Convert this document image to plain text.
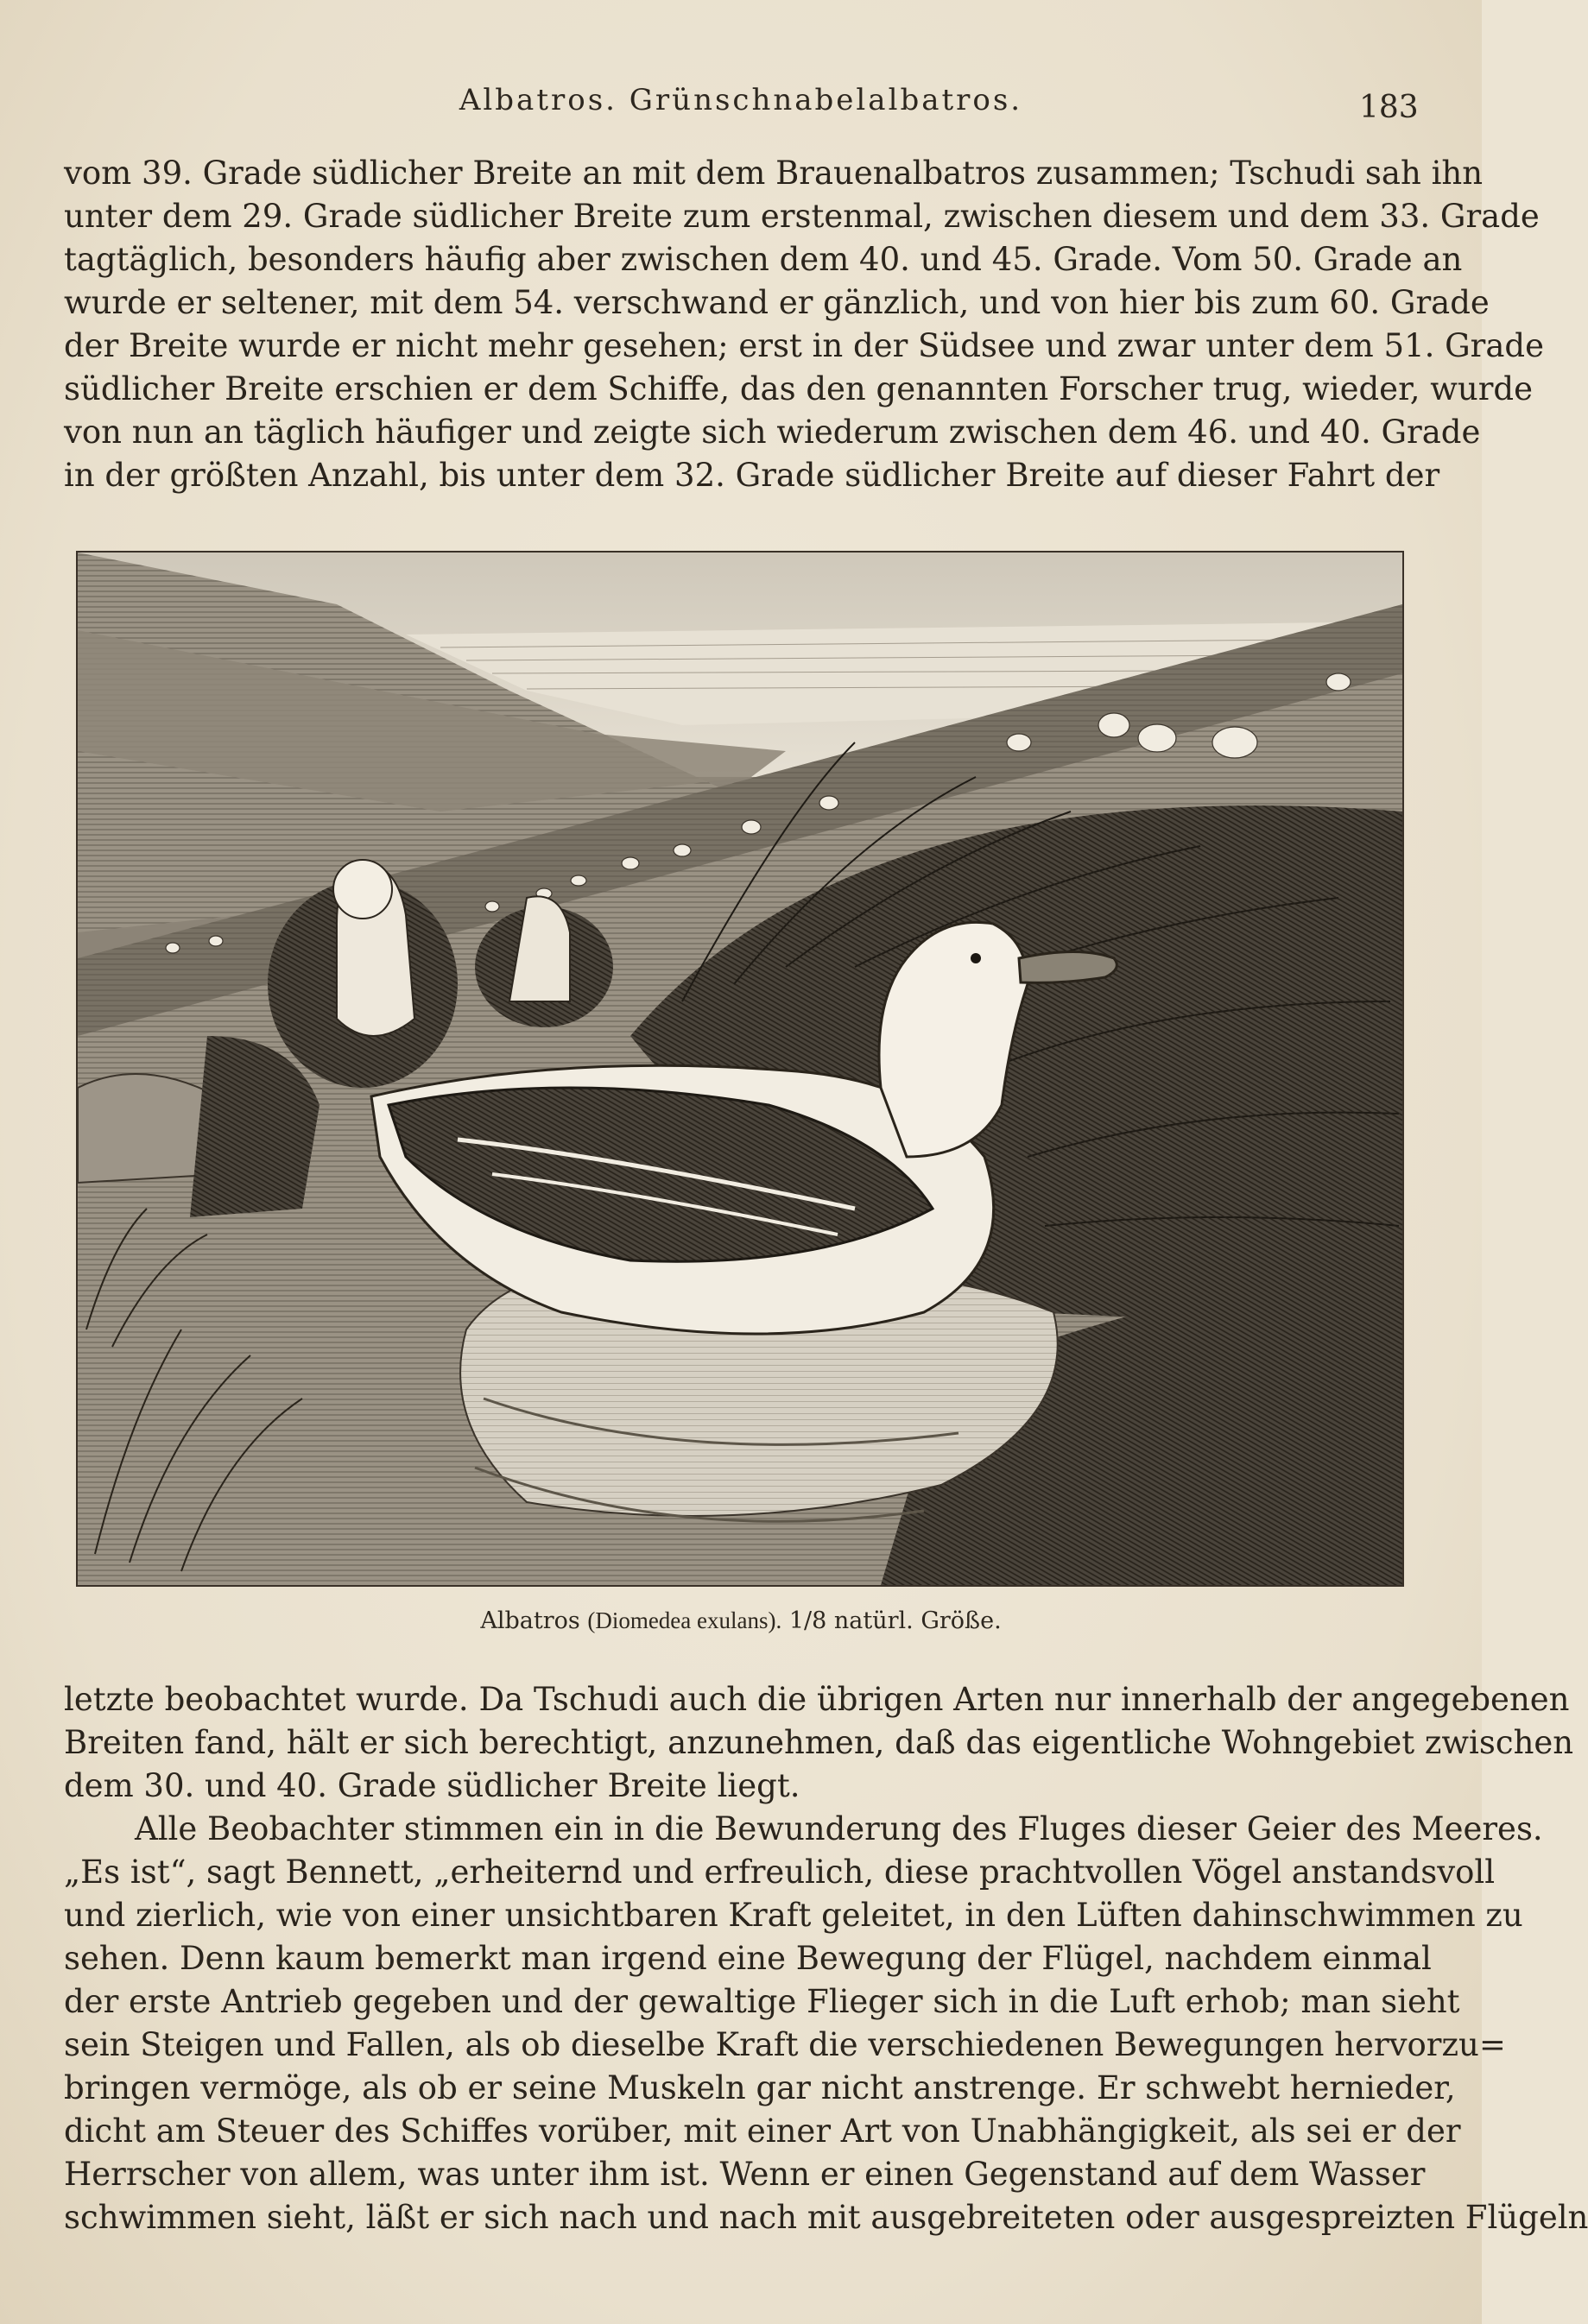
Albatros. Grünschnabelalbatros.	183
vom 39. Grade südlicher Breite an mit dem Brauenalbatros zusammen; Tschudi sah ihn
unter dem 29. Grade südlicher Breite zum erstenmal, zwischen diesem und dem 33. Grade
tagtäglich, besonders häufig aber zwischen dem 40. und 45. Grade. Vom 50. Grade an
wurde er seltener, mit dem 54. verschwand er gänzlich, und von hier bis zum 60. Grade
der Breite wurde er nicht mehr gesehen; erst in der Südsee und zwar unter dem 51. Grade
südlicher Breite erschien er dem Schiffe, das den genannten Forscher trug, wieder, wurde
von nun an täglich häufiger und zeigte sich wiederum zwischen dem 46. und 40. Grade
in der größten Anzahl, bis unter dem 32. Grade südlicher Breite auf dieser Fahrt der
Albatros (Diomedea exulans). 1/8 natürl. Größe.
letzte beobachtet wurde. Da Tschudi auch die übrigen Arten nur innerhalb der angegebenen
Breiten fand, hält er sich berechtigt, anzunehmen, daß das eigentliche Wohngebiet zwischen
dem 30. und 40. Grade südlicher Breite liegt.
Alle Beobachter stimmen ein in die Bewunderung des Fluges dieser Geier des Meeres.
„Es ist“, sagt Bennett, „erheiternd und erfreulich, diese prachtvollen Vögel anstandsvoll
und zierlich, wie von einer unsichtbaren Kraft geleitet, in den Lüften dahinschwimmen zu
sehen. Denn kaum bemerkt man irgend eine Bewegung der Flügel, nachdem einmal
der erste Antrieb gegeben und der gewaltige Flieger sich in die Luft erhob; man sieht
sein Steigen und Fallen, als ob dieselbe Kraft die verschiedenen Bewegungen hervorzu=
bringen vermöge, als ob er seine Muskeln gar nicht anstrenge. Er schwebt hernieder,
dicht am Steuer des Schiffes vorüber, mit einer Art von Unabhängigkeit, als sei er der
Herrscher von allem, was unter ihm ist. Wenn er einen Gegenstand auf dem Wasser
schwimmen sieht, läßt er sich nach und nach mit ausgebreiteten oder ausgespreizten Flügeln
